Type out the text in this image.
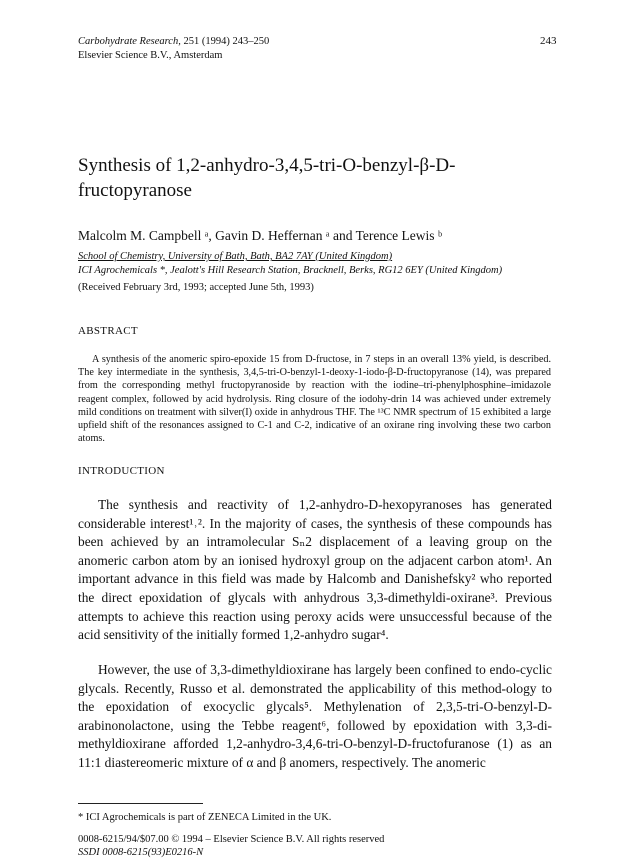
Carbohydrate Research, 251 (1994) 243–250
Elsevier Science B.V., Amsterdam
243
Synthesis of 1,2-anhydro-3,4,5-tri-O-benzyl-β-D-
fructopyranose
Malcolm M. Campbell ᵃ, Gavin D. Heffernan ᵃ and Terence Lewis ᵇ
School of Chemistry, University of Bath, Bath, BA2 7AY (United Kingdom)
ICI Agrochemicals *, Jealott's Hill Research Station, Bracknell, Berks, RG12 6EY (United Kingdom)
(Received February 3rd, 1993; accepted June 5th, 1993)
ABSTRACT

A synthesis of the anomeric spiro-epoxide 15 from D-fructose, in 7 steps in an overall 13% yield, is described. The key intermediate in the synthesis, 3,4,5-tri-O-benzyl-1-deoxy-1-iodo-β-D-fructopyranose (14), was prepared from the corresponding methyl fructopyranoside by reaction with the iodine–tri-phenylphosphine–imidazole reagent complex, followed by acid hydrolysis. Ring closure of the iodohy-drin 14 was achieved under extremely mild conditions on treatment with silver(I) oxide in anhydrous THF. The ¹³C NMR spectrum of 15 exhibited a large upfield shift of the resonances assigned to C-1 and C-2, indicative of an oxirane ring involving these two carbon atoms.

INTRODUCTION

The synthesis and reactivity of 1,2-anhydro-D-hexopyranoses has generated considerable interest¹˒². In the majority of cases, the synthesis of these compounds has been achieved by an intramolecular Sₙ2 displacement of a leaving group on the anomeric carbon atom by an ionised hydroxyl group on the adjacent carbon atom¹. An important advance in this field was made by Halcomb and Danishefsky² who reported the direct epoxidation of glycals with anhydrous 3,3-dimethyldi-oxirane³. Previous attempts to achieve this reaction using peroxy acids were unsuccessful because of the acid sensitivity of the initially formed 1,2-anhydro sugar⁴.

However, the use of 3,3-dimethyldioxirane has largely been confined to endo-cyclic glycals. Recently, Russo et al. demonstrated the applicability of this method-ology to the epoxidation of exocyclic glycals⁵. Methylenation of 2,3,5-tri-O-benzyl-D-arabinonolactone, using the Tebbe reagent⁶, followed by epoxidation with 3,3-di-methyldioxirane afforded 1,2-anhydro-3,4,6-tri-O-benzyl-D-fructofuranose (1) as an 11:1 diastereomeric mixture of α and β anomers, respectively. The anomeric

* ICI Agrochemicals is part of ZENECA Limited in the UK.
0008-6215/94/$07.00 © 1994 – Elsevier Science B.V. All rights reserved
SSDI 0008-6215(93)E0216-N
